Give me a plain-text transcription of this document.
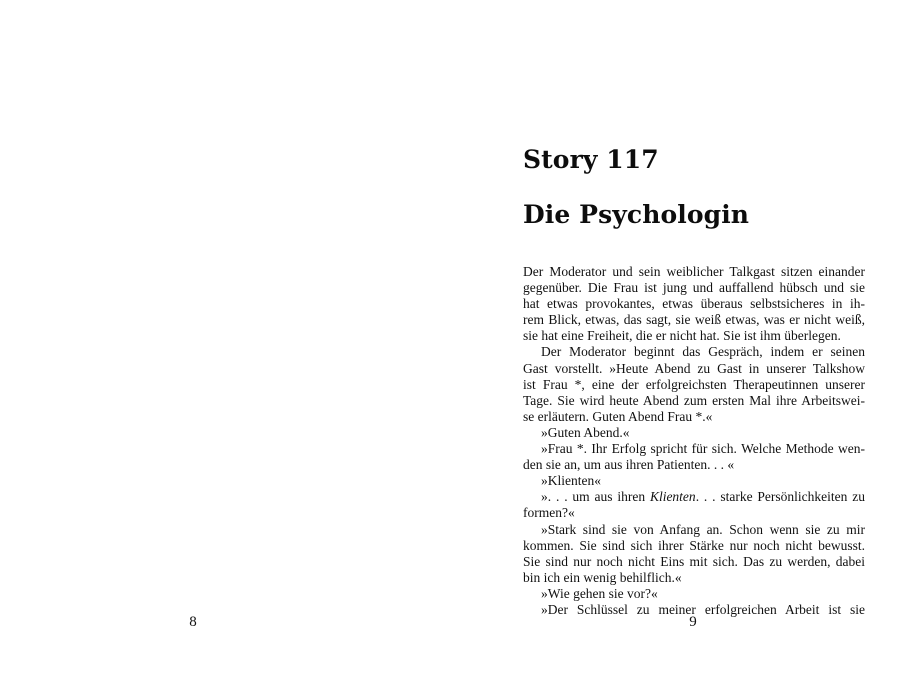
8
Story 117
Die Psychologin
Der Moderator und sein weiblicher Talkgast sitzen einander
gegenüber. Die Frau ist jung und auffallend hübsch und sie
hat etwas provokantes, etwas überaus selbstsicheres in ih-
rem Blick, etwas, das sagt, sie weiß etwas, was er nicht weiß,
sie hat eine Freiheit, die er nicht hat. Sie ist ihm überlegen.
Der Moderator beginnt das Gespräch, indem er seinen
Gast vorstellt. »Heute Abend zu Gast in unserer Talkshow
ist Frau *, eine der erfolgreichsten Therapeutinnen unserer
Tage. Sie wird heute Abend zum ersten Mal ihre Arbeitswei-
se erläutern. Guten Abend Frau *.«
»Guten Abend.«
»Frau *. Ihr Erfolg spricht für sich. Welche Methode wen-
den sie an, um aus ihren Patienten. . . «
»Klienten«
». . . um aus ihren Klienten. . . starke Persönlichkeiten zu
formen?«
»Stark sind sie von Anfang an. Schon wenn sie zu mir
kommen. Sie sind sich ihrer Stärke nur noch nicht bewusst.
Sie sind nur noch nicht Eins mit sich. Das zu werden, dabei
bin ich ein wenig behilflich.«
»Wie gehen sie vor?«
»Der Schlüssel zu meiner erfolgreichen Arbeit ist sie
9
